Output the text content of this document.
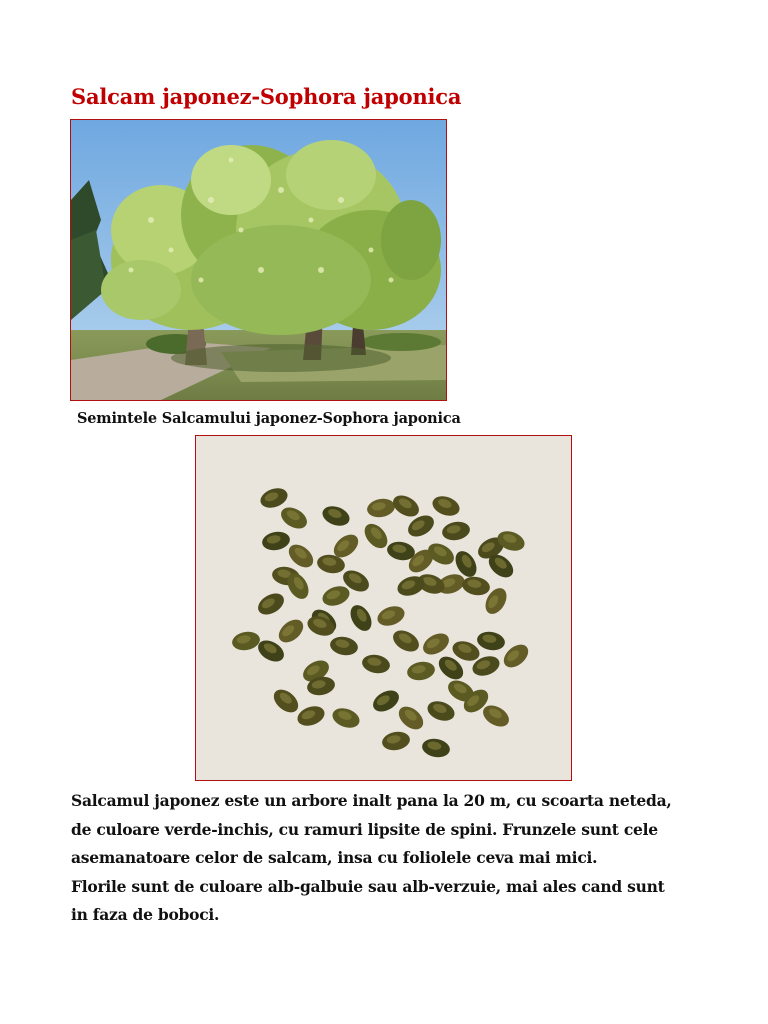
Salcam japonez-Sophora japonica
Semintele Salcamului japonez-Sophora japonica
Salcamul japonez este un arbore inalt pana la 20 m, cu scoarta neteda,
de culoare verde-inchis, cu ramuri lipsite de spini. Frunzele sunt cele
asemanatoare celor de salcam, insa cu foliolele ceva mai mici.
Florile sunt de culoare alb-galbuie sau alb-verzuie, mai ales cand sunt
in faza de boboci.
